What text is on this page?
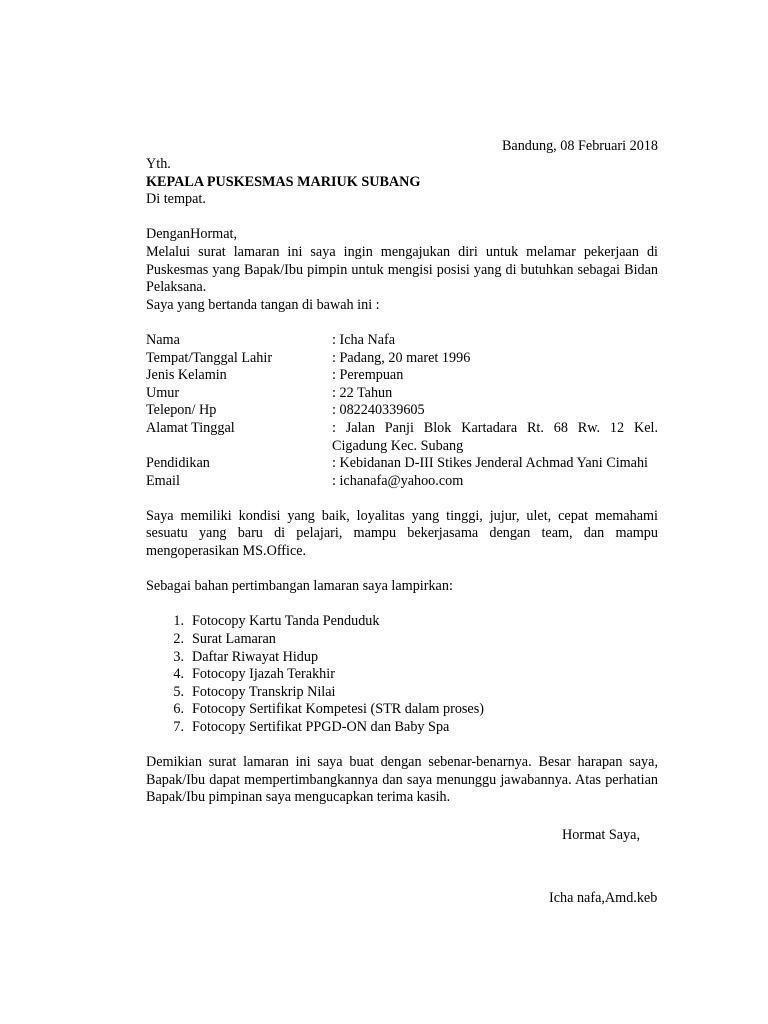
Bandung, 08 Februari 2018
Yth.
KEPALA PUSKESMAS MARIUK SUBANG
Di tempat.
DenganHormat,
Melalui surat lamaran ini saya ingin mengajukan diri untuk melamar pekerjaan di Puskesmas yang Bapak/Ibu pimpin untuk mengisi posisi yang di butuhkan sebagai Bidan Pelaksana.
Saya yang bertanda tangan di bawah ini :
Nama	: Icha Nafa
Tempat/Tanggal Lahir	: Padang, 20 maret 1996
Jenis Kelamin	: Perempuan
Umur	: 22 Tahun
Telepon/ Hp	: 082240339605
Alamat Tinggal	: Jalan Panji Blok Kartadara Rt. 68 Rw. 12 Kel. Cigadung Kec. Subang
Pendidikan	: Kebidanan D-III Stikes Jenderal Achmad Yani Cimahi
Email	: ichanafa@yahoo.com
Saya memiliki kondisi yang baik, loyalitas yang tinggi, jujur, ulet, cepat memahami sesuatu yang baru di pelajari, mampu bekerjasama dengan team, dan mampu mengoperasikan MS.Office.
Sebagai bahan pertimbangan lamaran saya lampirkan:
1. Fotocopy Kartu Tanda Penduduk
2. Surat Lamaran
3. Daftar Riwayat Hidup
4. Fotocopy Ijazah Terakhir
5. Fotocopy Transkrip Nilai
6. Fotocopy Sertifikat Kompetesi (STR dalam proses)
7. Fotocopy Sertifikat PPGD-ON dan Baby Spa
Demikian surat lamaran ini saya buat dengan sebenar-benarnya. Besar harapan saya, Bapak/Ibu dapat mempertimbangkannya dan saya menunggu jawabannya. Atas perhatian Bapak/Ibu pimpinan saya mengucapkan terima kasih.
Hormat Saya,
Icha nafa,Amd.keb
